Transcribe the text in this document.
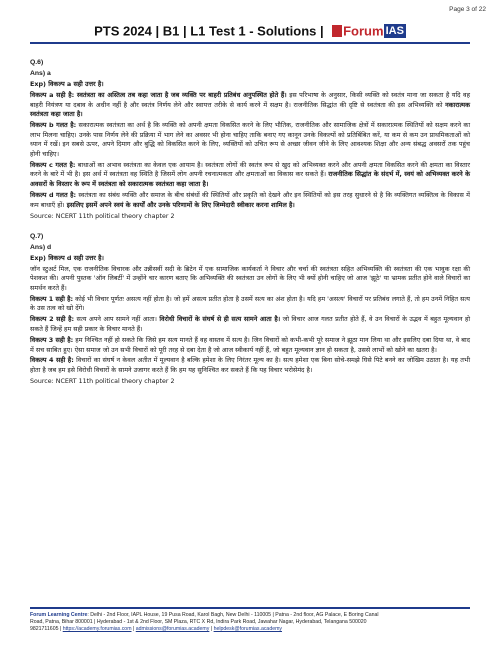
Page 3 of 22
PTS 2024 | B1 | L1 Test 1 - Solutions | Forum IAS

Q.6)

Ans) a

Exp) विकल्प a सही उत्तर है।

विकल्प a सही है: स्वतंत्रता का अस्तित्व तब कहा जाता है जब व्यक्ति पर बाहरी प्रतिबंध अनुपस्थित होते हैं। इस परिभाषा के अनुसार, किसी व्यक्ति को स्वतंत्र माना जा सकता है यदि वह बाहरी नियंत्रण या दबाव के अधीन नहीं है और स्वतंत्र निर्णय लेने और स्वायत्त तरीके से कार्य करने में सक्षम है। राजनीतिक सिद्धांत की दृष्टि से स्वतंत्रता की इस अभिव्यक्ति को नकारात्मक स्वतंत्रता कहा जाता है।

विकल्प b गलत है: सकारात्मक स्वतंत्रता का अर्थ है कि व्यक्ति को अपनी क्षमता विकसित करने के लिए भौतिक, राजनीतिक और सामाजिक क्षेत्रों में सकारात्मक स्थितियों को सक्षम करने का लाभ मिलना चाहिए। उनके पास निर्णय लेने की प्रक्रिया में भाग लेने का अवसर भी होना चाहिए ताकि बनाए गए कानून उनके विकल्पों को प्रतिबिंबित करें, या कम से कम उन प्राथमिकताओं को ध्यान में रखें। इन सबसे ऊपर, अपने दिमाग और बुद्धि को विकसित करने के लिए, व्यक्तियों को उचित रूप से अच्छा जीवन जीने के लिए आवश्यक शिक्षा और अन्य संबद्ध अवसरों तक पहुंच होनी चाहिए।

विकल्प c गलत है: बाधाओं का अभाव स्वतंत्रता का केवल एक आयाम है। स्वतंत्रता लोगों की स्वतंत्र रूप से खुद को अभिव्यक्त करने और अपनी क्षमता विकसित करने की क्षमता का विस्तार करने के बारे में भी है। इस अर्थ में स्वतंत्रता वह स्थिति है जिसमें लोग अपनी रचनात्मकता और क्षमताओं का विकास कर सकते हैं। राजनीतिक सिद्धांत के संदर्भ में, स्वयं को अभिव्यक्त करने के अवसरों के विस्तार के रूप में स्वतंत्रता को सकारात्मक स्वतंत्रता कहा जाता है।

विकल्प d गलत है: स्वतंत्रता का संबंध व्यक्ति और समाज के बीच संबंधों की स्थितियों और प्रकृति को देखने और इन स्थितियों को इस तरह सुधारने से है कि व्यक्तिगत व्यक्तित्व के विकास में कम बाधाएँ हों। इसलिए इसमें अपने स्वयं के कार्यों और उनके परिणामों के लिए जिम्मेदारी स्वीकार करना शामिल है।

Source: NCERT 11th political theory chapter 2

Q.7)

Ans) d

Exp) विकल्प d सही उत्तर है।

जॉन स्टुअर्ट मिल, एक राजनीतिक विचारक और उन्नीसवीं सदी के ब्रिटेन में एक सामाजिक कार्यकर्ता ने विचार और चर्चा की स्वतंत्रता सहित अभिव्यक्ति की स्वतंत्रता की एक भावुक रक्षा की पेशकश की। अपनी पुस्तक 'ऑन लिबर्टी' में उन्होंने चार कारण बताए कि अभिव्यक्ति की स्वतंत्रता उन लोगों के लिए भी क्यों होनी चाहिए जो आज 'झूठे' या भ्रामक प्रतीत होने वाले विचारों का समर्थन करते हैं।

विकल्प 1 सही है: कोई भी विचार पूर्णतः असत्य नहीं होता है। जो हमें असत्य प्रतीत होता है उसमें सत्य का अंश होता है। यदि हम 'असत्य' विचारों पर प्रतिबंध लगाते हैं, तो हम उनमें निहित सत्य के उस तत्व को खो देंगे।

विकल्प 2 सही है: सत्य अपने आप सामने नहीं आता। विरोधी विचारों के संघर्ष से ही सत्य सामने आता है। जो विचार आज गलत प्रतीत होते हैं, वे उन विचारों के उद्भव में बहुत मूल्यवान हो सकते हैं जिन्हें हम सही प्रकार के विचार मानते हैं।

विकल्प 3 सही है: हम निश्चित नहीं हो सकते कि जिसे हम सत्य मानते हैं वह वास्तव में सत्य है। जिन विचारों को कभी-कभी पूरे समाज ने झूठा मान लिया था और इसलिए दबा दिया था, वे बाद में सच साबित हुए। ऐसा समाज जो उन सभी विचारों को पूरी तरह से दबा देता है जो आज स्वीकार्य नहीं हैं, जो बहुत मूल्यवान ज्ञान हो सकता है, उससे लाभों को खोने का खतरा है।

विकल्प 4 सही है: विचारों का संघर्ष न केवल अतीत में मूल्यवान है बल्कि हमेशा के लिए निरंतर मूल्य का है। सत्य हमेशा एक बिना सोचे-समझे घिसे पिटे बनने का जोखिम उठाता है। यह तभी होता है जब हम इसे विरोधी विचारों के सामने उजागर करते हैं कि हम यह सुनिश्चित कर सकते हैं कि यह विचार भरोसेमंद है।

Source: NCERT 11th political theory chapter 2

Forum Learning Centre: Delhi - 2nd Floor, IAPL House, 19 Pusa Road, Karol Bagh, New Delhi - 110005 | Patna - 2nd floor, AG Palace, E Boring Canal
Road, Patna, Bihar 800001 | Hyderabad - 1st & 2nd Floor, SM Plaza, RTC X Rd, Indira Park Road, Jawahar Nagar, Hyderabad, Telangana 500020
9821711605 | https://academy.forumias.com | admissions@forumias.academy | helpdesk@forumias.academy
